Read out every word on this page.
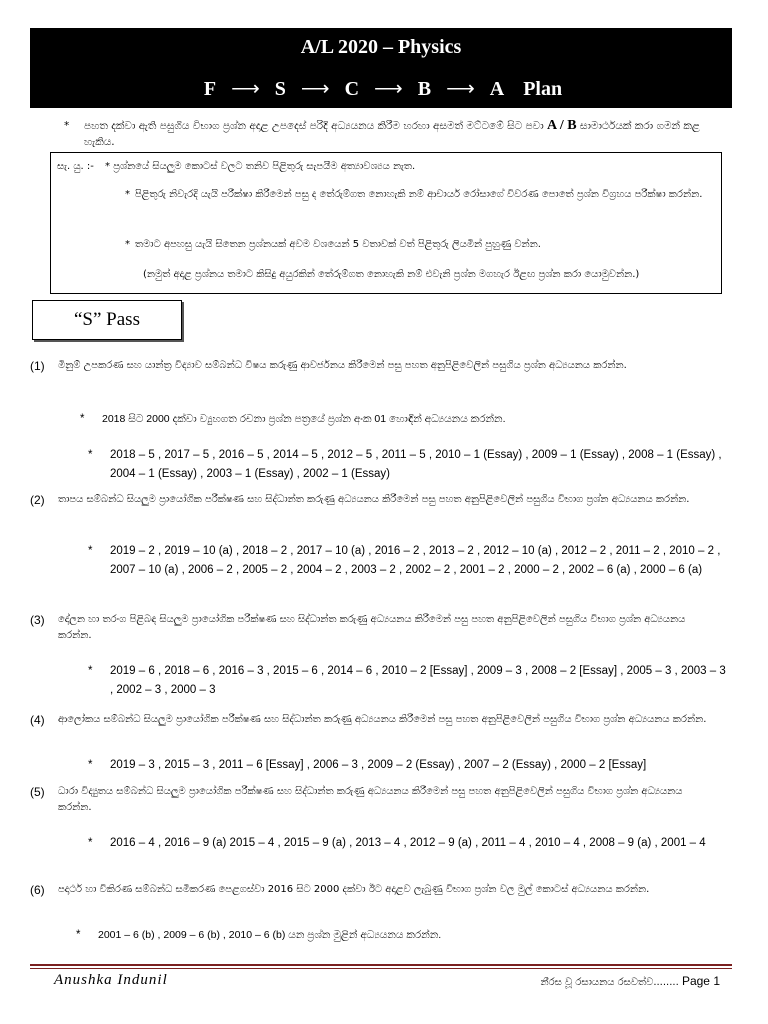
A/L 2020 – Physics
F ⟶ S ⟶ C ⟶ B ⟶ A Plan
* පහත දක්වා ඇති පසුගිය විභාග ප්‍රශ්න අදාළ උපදෙස් පරිදි අධ්‍යයනය කිරීම හරහා අසමත් මට්ටමේ සිට පවා A / B සාමාර්ථයක් කරා ගමන් කළ හැකිය.
සැ. යු. :- * ප්‍රශ්නයේ සියලුම කොටස් වලට තනිව පිළිතුරු සැපයීම අත්‍යාවශ්‍යය නැත.
* පිළිතුරු නිවැරදි යැයි පරීක්ෂා කිරීමෙන් පසු ද තේරුම්ගත නොහැකි නම් ආචාර්ය රෝසාගේ විවරණ පොතේ ප්‍රශ්න විග්‍රහය පරීක්ෂා කරන්න.
* තමාට අපහසු යැයි සිතෙන ප්‍රශ්නයක් අවම වශයෙන් 5 වතාවක් වත් පිළිතුරු ලියමින් පුහුණු වන්න.
(නමුත් අදාළ ප්‍රශ්නය තමාට කිසිදු අයුරකින් තේරුම්ගත නොහැකි නම් එවැනි ප්‍රශ්න මගහැර ඊළඟ ප්‍රශ්න කරා යොමුවන්න.)
“S” Pass
(1) මිනුම් උපකරණ සහ යාන්ත්‍ර විද්‍යාව සම්බන්ධ විෂය කරුණු ආවර්ජනය කිරීමෙන් පසු පහත අනුපිළිවෙලින් පසුගිය ප්‍රශ්න අධ්‍යයනය කරන්න.
* 2018 සිට 2000 දක්වා ව්‍යුහගත රචනා ප්‍රශ්න පත්‍රයේ ප්‍රශ්න අංක 01 හොඳින් අධ්‍යයනය කරන්න.
* 2018 – 5 , 2017 – 5 , 2016 – 5 , 2014 – 5 , 2012 – 5 , 2011 – 5 , 2010 – 1 (Essay) , 2009 – 1 (Essay) , 2008 – 1 (Essay) , 2004 – 1 (Essay) , 2003 – 1 (Essay) , 2002 – 1 (Essay)
(2) තාපය සම්බන්ධ සියලුම ප්‍රායෝගික පරීක්ෂණ සහ සිද්ධාන්ත කරුණු අධ්‍යයනය කිරීමෙන් පසු පහත අනුපිළිවෙලින් පසුගිය විභාග ප්‍රශ්න අධ්‍යයනය කරන්න.
* 2019 – 2 , 2019 – 10 (a) , 2018 – 2 , 2017 – 10 (a) , 2016 – 2 , 2013 – 2 , 2012 – 10 (a) , 2012 – 2 , 2011 – 2 , 2010 – 2 , 2007 – 10 (a) , 2006 – 2 , 2005 – 2 , 2004 – 2 , 2003 – 2 , 2002 – 2 , 2001 – 2 , 2000 – 2 , 2002 – 6 (a) , 2000 – 6 (a)
(3) දෝලන හා තරංග පිළිබඳ සියලුම ප්‍රායෝගික පරීක්ෂණ සහ සිද්ධාන්ත කරුණු අධ්‍යයනය කිරීමෙන් පසු පහත අනුපිළිවෙලින් පසුගිය විභාග ප්‍රශ්න අධ්‍යයනය කරන්න.
* 2019 – 6 , 2018 – 6 , 2016 – 3 , 2015 – 6 , 2014 – 6 , 2010 – 2 [Essay] , 2009 – 3 , 2008 – 2 [Essay] , 2005 – 3 , 2003 – 3 , 2002 – 3 , 2000 – 3
(4) ආලෝකය සම්බන්ධ සියලුම ප්‍රායෝගික පරීක්ෂණ සහ සිද්ධාන්ත කරුණු අධ්‍යයනය කිරීමෙන් පසු පහත අනුපිළිවෙලින් පසුගිය විභාග ප්‍රශ්න අධ්‍යයනය කරන්න.
* 2019 – 3 , 2015 – 3 , 2011 – 6 [Essay] , 2006 – 3 , 2009 – 2 (Essay) , 2007 – 2 (Essay) , 2000 – 2 [Essay]
(5) ධාරා විද්‍යුතය සම්බන්ධ සියලුම ප්‍රායෝගික පරීක්ෂණ සහ සිද්ධාන්ත කරුණු අධ්‍යයනය කිරීමෙන් පසු පහත අනුපිළිවෙලින් පසුගිය විභාග ප්‍රශ්න අධ්‍යයනය කරන්න.
* 2016 – 4 , 2016 – 9 (a) 2015 – 4 , 2015 – 9 (a) , 2013 – 4 , 2012 – 9 (a) , 2011 – 4 , 2010 – 4 , 2008 – 9 (a) , 2001 – 4
(6) පදාර්ථ හා විකිරණ සම්බන්ධ සමීකරණ පෙළගස්වා 2016 සිට 2000 දක්වා ඊට අදාළව ලැබුණු විභාග ප්‍රශ්න වල මුල් කොටස් අධ්‍යයනය කරන්න.
* 2001 – 6 (b) , 2009 – 6 (b) , 2010 – 6 (b) යන ප්‍රශ්න මුළින් අධ්‍යයනය කරන්න.
Anushka Indunil	නීරස වූ රසායනය රසවත්ව........ Page 1
